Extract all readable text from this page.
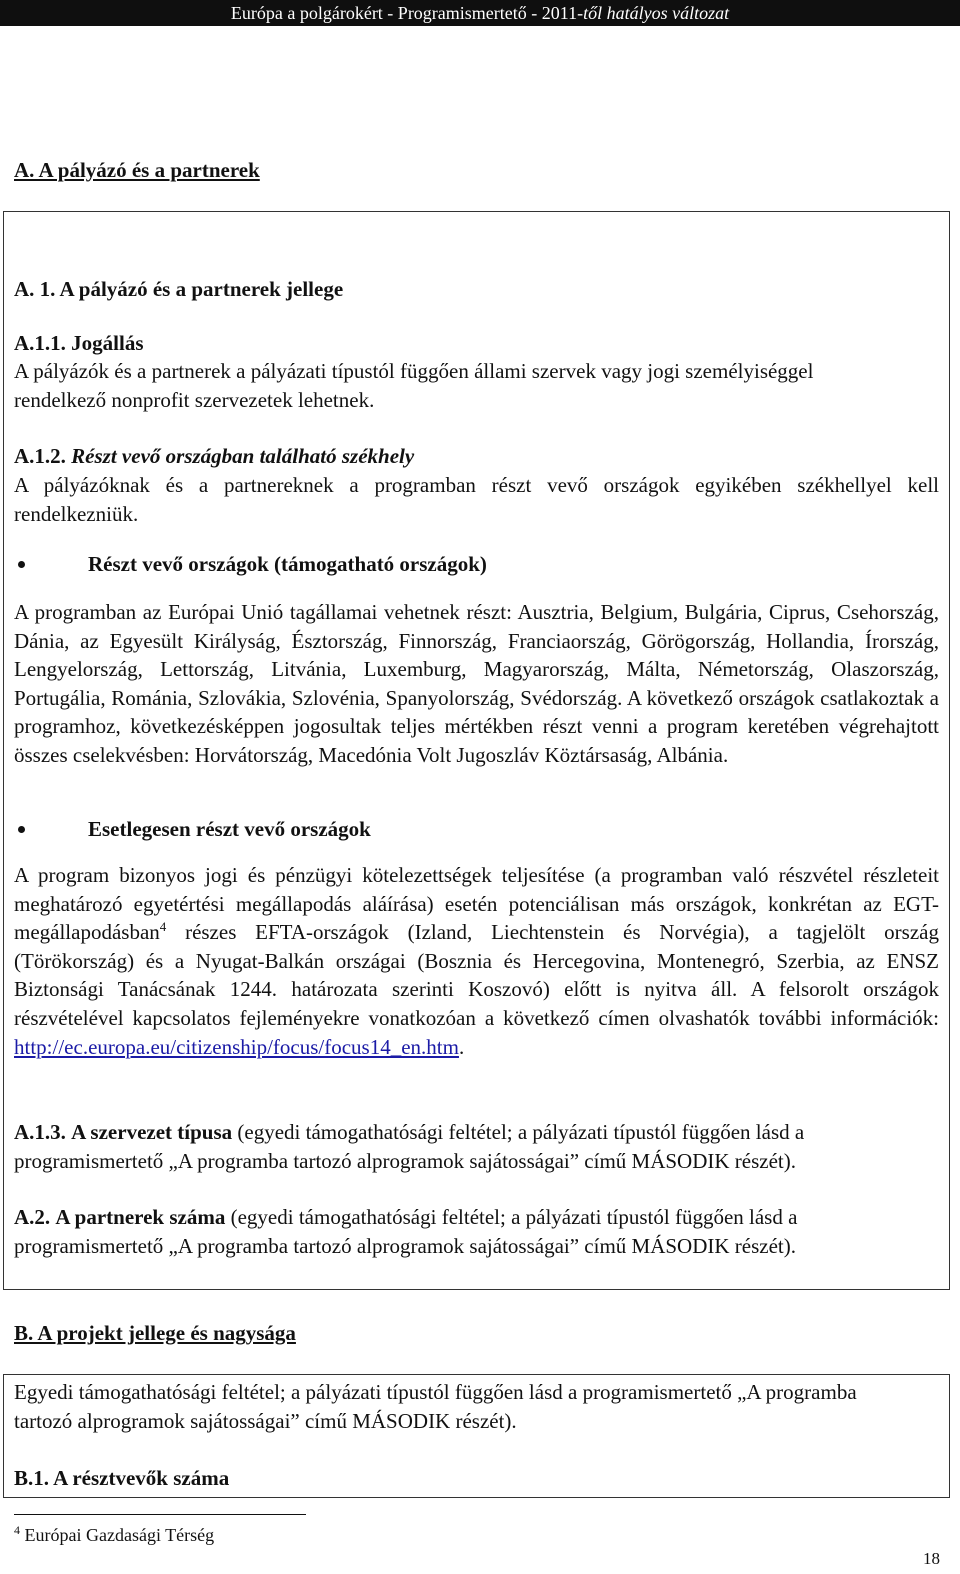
Európa a polgárokért - Programismertető - 2011-től hatályos változat
A. A pályázó és a partnerek

A. 1. A pályázó és a partnerek jellege

A.1.1. Jogállás

A pályázók és a partnerek a pályázati típustól függően állami szervek vagy jogi személyiséggel rendelkező nonprofit szervezetek lehetnek.

A.1.2. Részt vevő országban található székhely

A pályázóknak és a partnereknek a programban részt vevő országok egyikében székhellyel kell rendelkezniük.

Részt vevő országok (támogatható országok)

A programban az Európai Unió tagállamai vehetnek részt: Ausztria, Belgium, Bulgária, Ciprus, Csehország, Dánia, az Egyesült Királyság, Észtország, Finnország, Franciaország, Görögország, Hollandia, Írország, Lengyelország, Lettország, Litvánia, Luxemburg, Magyarország, Málta, Németország, Olaszország, Portugália, Románia, Szlovákia, Szlovénia, Spanyolország, Svédország. A következő országok csatlakoztak a programhoz, következésképpen jogosultak teljes mértékben részt venni a program keretében végrehajtott összes cselekvésben: Horvátország, Macedónia Volt Jugoszláv Köztársaság, Albánia.

Esetlegesen részt vevő országok

A program bizonyos jogi és pénzügyi kötelezettségek teljesítése (a programban való részvétel részleteit meghatározó egyetértési megállapodás aláírása) esetén potenciálisan más országok, konkrétan az EGT-megállapodásban$^4$ részes EFTA-országok (Izland, Liechtenstein és Norvégia), a tagjelölt ország (Törökország) és a Nyugat-Balkán országai (Bosznia és Hercegovina, Montenegró, Szerbia, az ENSZ Biztonsági Tanácsának 1244. határozata szerinti Koszovó) előtt is nyitva áll. A felsorolt országok részvételével kapcsolatos fejleményekre vonatkozóan a következő címen olvashatók további információk: http://ec.europa.eu/citizenship/focus/focus14_en.htm.

A.1.3. A szervezet típusa (egyedi támogathatósági feltétel; a pályázati típustól függően lásd a programismertető „A programba tartozó alprogramok sajátosságai” című MÁSODIK részét).

A.2. A partnerek száma (egyedi támogathatósági feltétel; a pályázati típustól függően lásd a programismertető „A programba tartozó alprogramok sajátosságai” című MÁSODIK részét).

B. A projekt jellege és nagysága

Egyedi támogathatósági feltétel; a pályázati típustól függően lásd a programismertető „A programba tartozó alprogramok sajátosságai” című MÁSODIK részét).

B.1. A résztvevők száma

$^4$ Európai Gazdasági Térség
18
